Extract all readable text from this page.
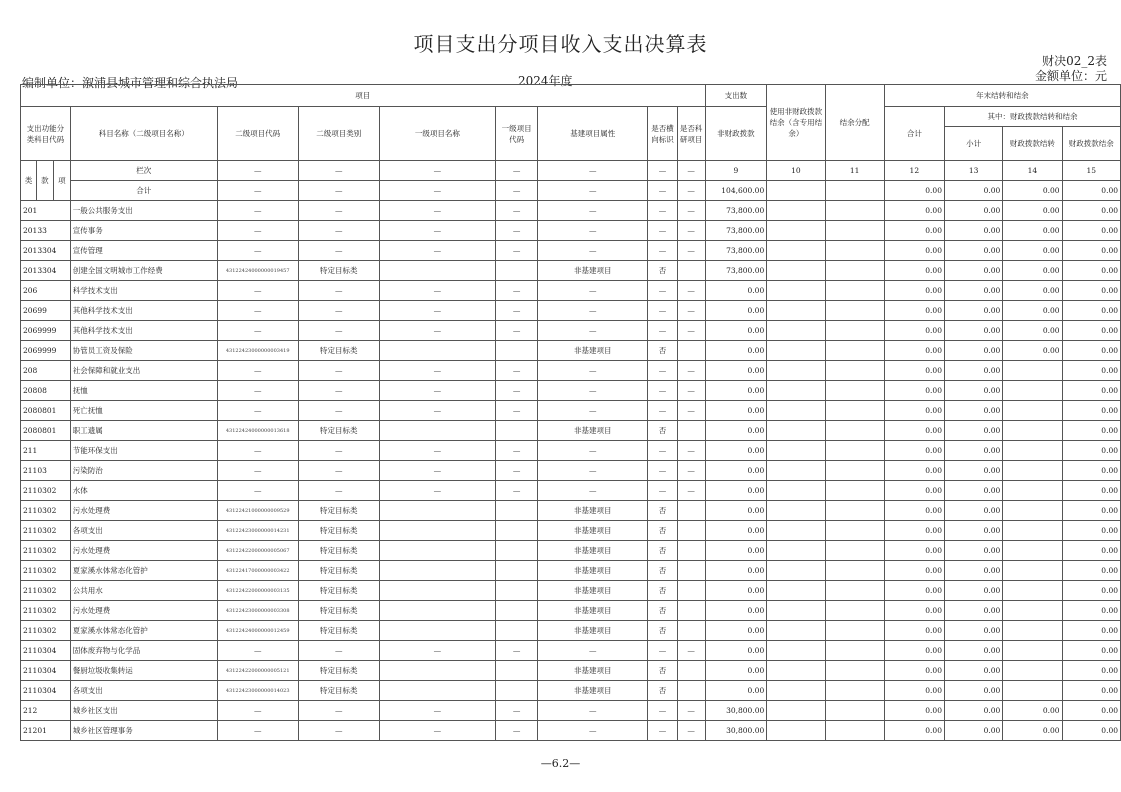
项目支出分项目收入支出决算表
财决02_2表
金额单位：元
编制单位：溆浦县城市管理和综合执法局	2024年度
项目											支出数	使用非财政拨款结余（含专用结余）	结余分配	年末结转和结余			
支出功能分类科目代码			科目名称（二级项目名称）	二级项目代码	二级项目类别	一级项目名称	一级项目代码	基建项目属性	是否横向标识	是否科研项目	非财政拨款			合计	其中：财政拨款结转和结余		
															小计	财政拨款结转	财政拨款结余
类	款	项	栏次	—	—	—	—	—	—	—	9	10	11	12	13	14	15
			合计	—	—	—	—	—	—	—	104,600.00			0.00	0.00	0.00	0.00
201			一般公共服务支出	—	—	—	—	—	—	—	73,800.00			0.00	0.00	0.00	0.00
20133			宣传事务	—	—	—	—	—	—	—	73,800.00			0.00	0.00	0.00	0.00
2013304			宣传管理	—	—	—	—	—	—	—	73,800.00			0.00	0.00	0.00	0.00
2013304			创建全国文明城市工作经费	43122424000000019457	特定目标类			非基建项目	否		73,800.00			0.00	0.00	0.00	0.00
206			科学技术支出	—	—	—	—	—	—	—	0.00			0.00	0.00	0.00	0.00
20699			其他科学技术支出	—	—	—	—	—	—	—	0.00			0.00	0.00	0.00	0.00
2069999			其他科学技术支出	—	—	—	—	—	—	—	0.00			0.00	0.00	0.00	0.00
2069999			协管员工资及保险	43122423000000003419	特定目标类			非基建项目	否		0.00			0.00	0.00	0.00	0.00
208			社会保障和就业支出	—	—	—	—	—	—	—	0.00			0.00	0.00		0.00
20808			抚恤	—	—	—	—	—	—	—	0.00			0.00	0.00		0.00
2080801			死亡抚恤	—	—	—	—	—	—	—	0.00			0.00	0.00		0.00
2080801			职工遗属	43122424000000013618	特定目标类			非基建项目	否		0.00			0.00	0.00		0.00
211			节能环保支出	—	—	—	—	—	—	—	0.00			0.00	0.00		0.00
21103			污染防治	—	—	—	—	—	—	—	0.00			0.00	0.00		0.00
2110302			水体	—	—	—	—	—	—	—	0.00			0.00	0.00		0.00
2110302			污水处理费	43122421000000009529	特定目标类			非基建项目	否		0.00			0.00	0.00		0.00
2110302			各项支出	43122423000000014231	特定目标类			非基建项目	否		0.00			0.00	0.00		0.00
2110302			污水处理费	43122422000000005067	特定目标类			非基建项目	否		0.00			0.00	0.00		0.00
2110302			夏家溪水体常态化管护	43122417000000003422	特定目标类			非基建项目	否		0.00			0.00	0.00		0.00
2110302			公共用水	43122422000000003135	特定目标类			非基建项目	否		0.00			0.00	0.00		0.00
2110302			污水处理费	43122423000000003308	特定目标类			非基建项目	否		0.00			0.00	0.00		0.00
2110302			夏家溪水体常态化管护	43122424000000012459	特定目标类			非基建项目	否		0.00			0.00	0.00		0.00
2110304			固体废弃物与化学品	—	—	—	—	—	—	—	0.00			0.00	0.00		0.00
2110304			餐厨垃圾收集转运	43122422000000005121	特定目标类			非基建项目	否		0.00			0.00	0.00		0.00
2110304			各项支出	43122423000000014023	特定目标类			非基建项目	否		0.00			0.00	0.00		0.00
212			城乡社区支出	—	—	—	—	—	—	—	30,800.00			0.00	0.00	0.00	0.00
21201			城乡社区管理事务	—	—	—	—	—	—	—	30,800.00			0.00	0.00	0.00	0.00
—6.2—
